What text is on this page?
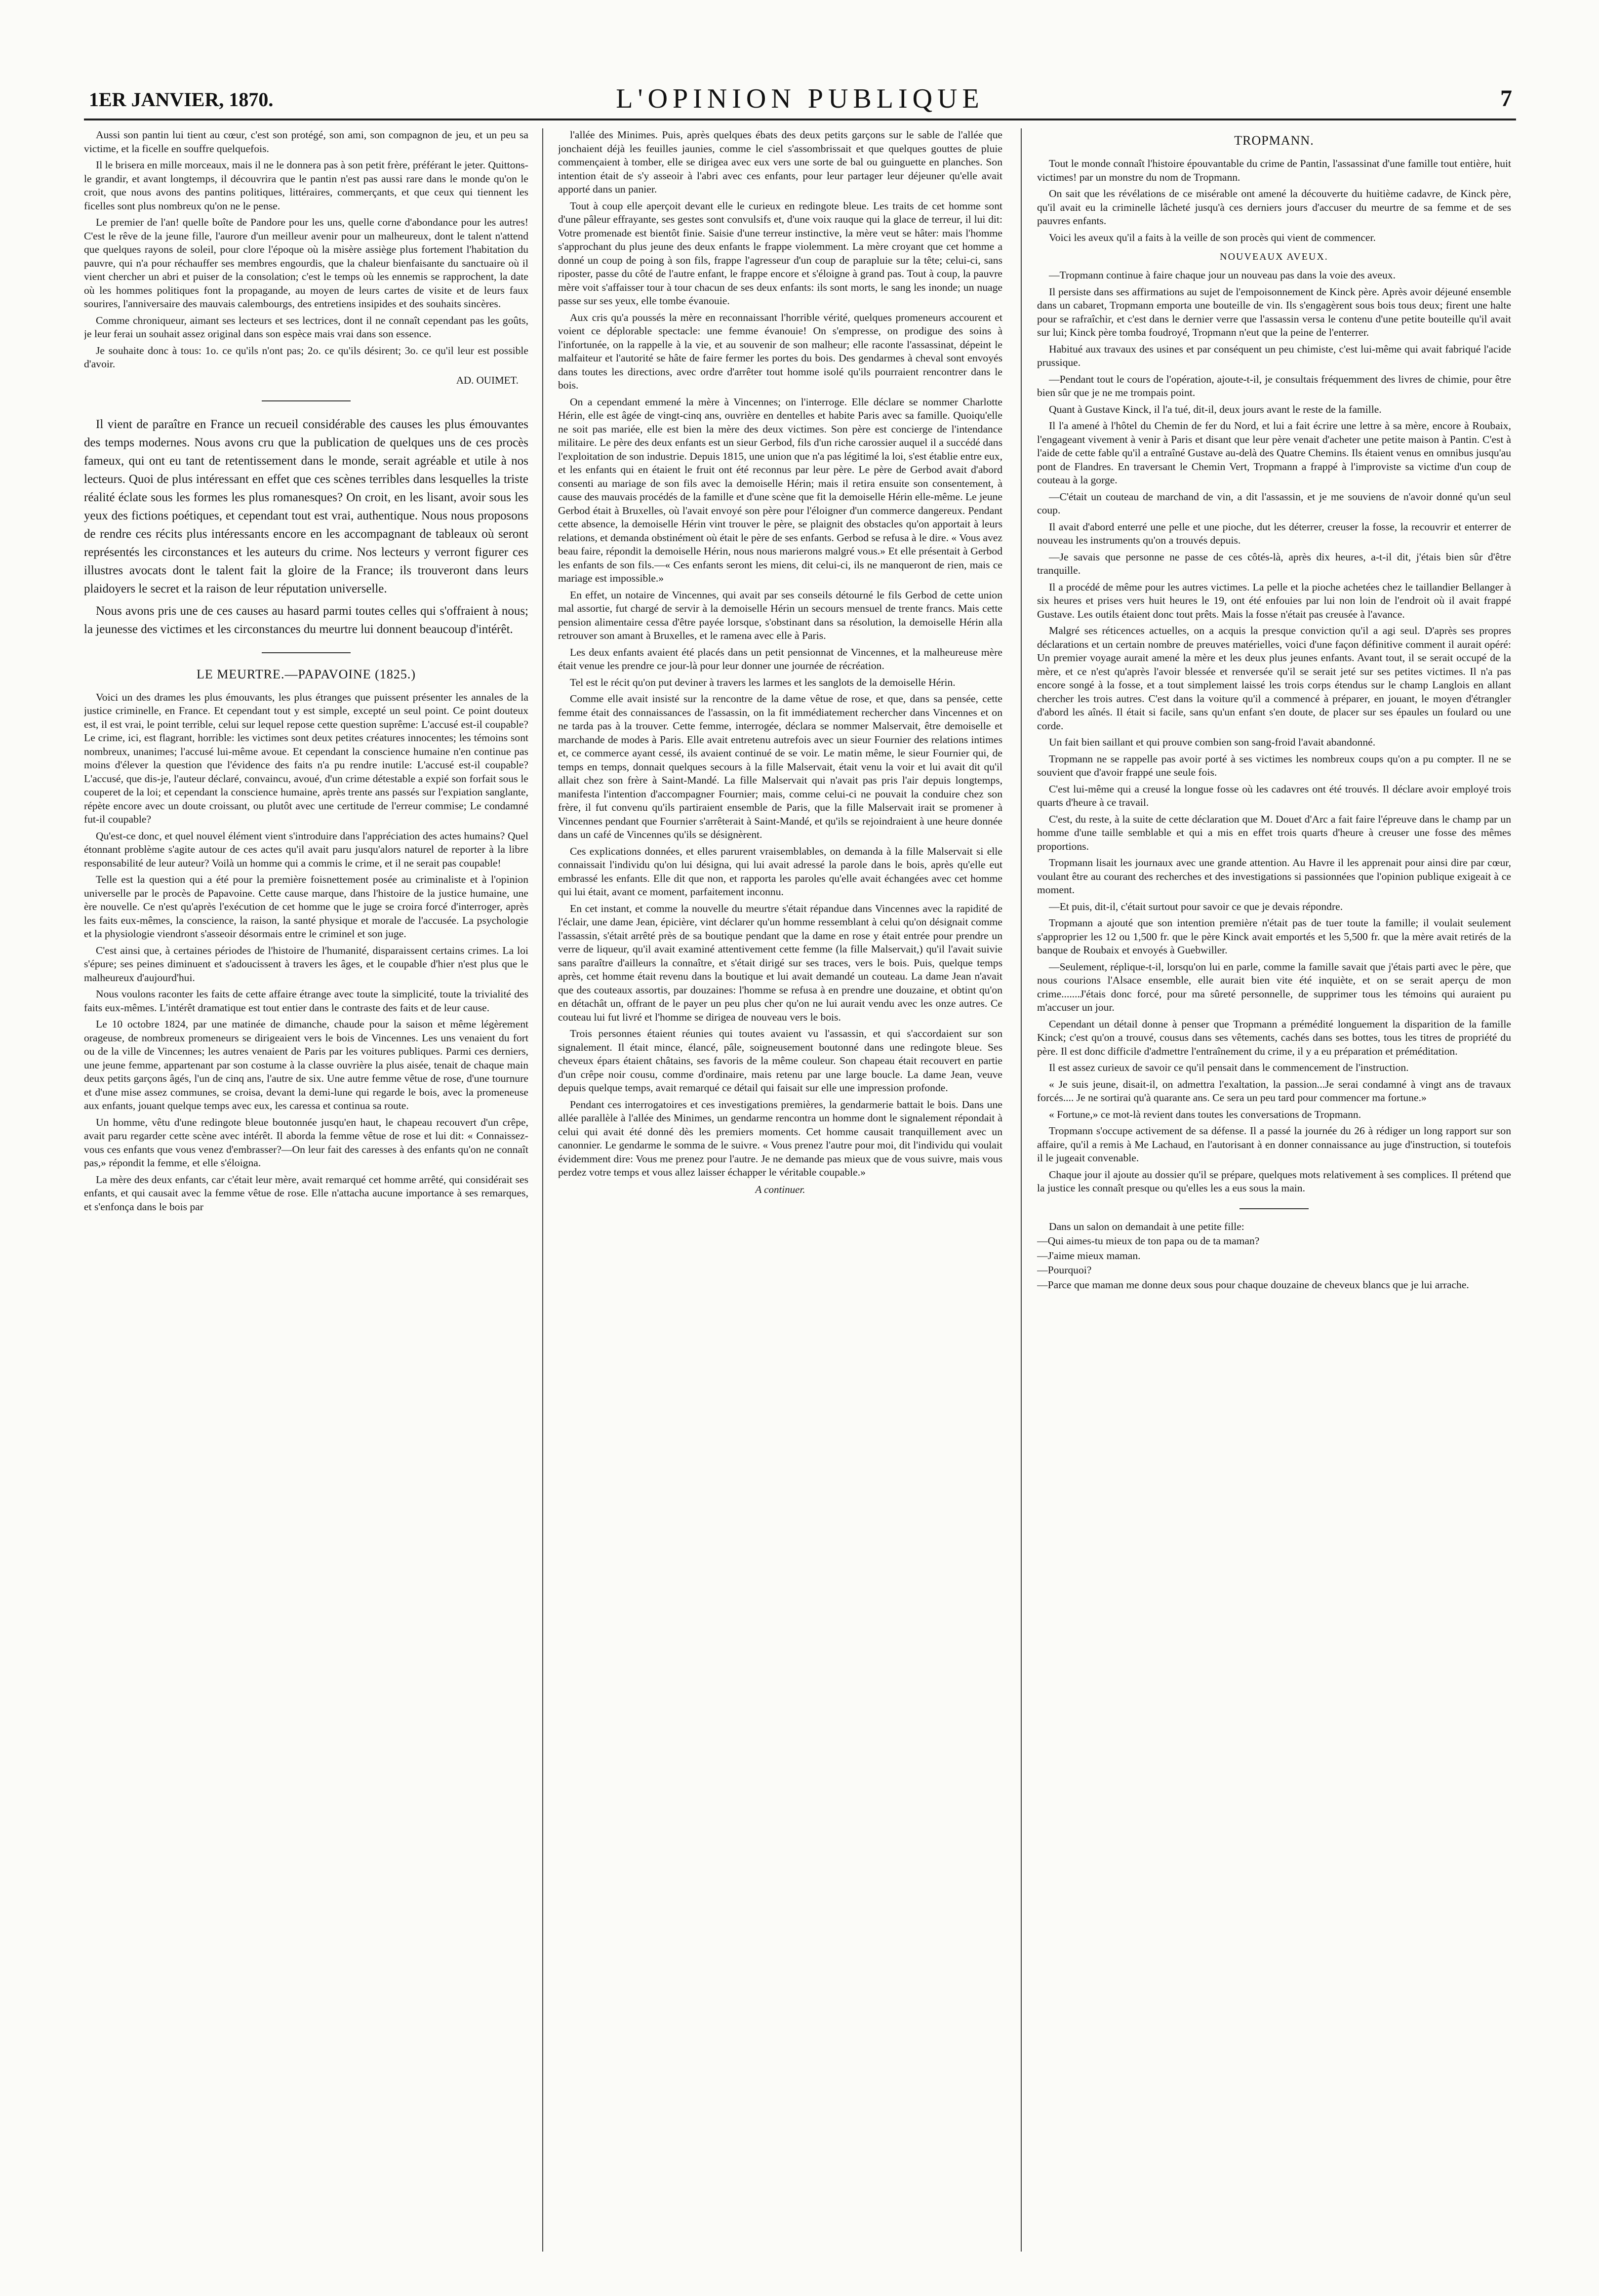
1ER JANVIER, 1870.	L'OPINION PUBLIQUE	7

Aussi son pantin lui tient au cœur, c'est son protégé, son ami, son compagnon de jeu, et un peu sa victime, et la ficelle en souffre quelquefois.

Il le brisera en mille morceaux, mais il ne le donnera pas à son petit frère, préférant le jeter. Quittons-le grandir, et avant longtemps, il découvrira que le pantin n'est pas aussi rare dans le monde qu'on le croit, que nous avons des pantins politiques, littéraires, commerçants, et que ceux qui tiennent les ficelles sont plus nombreux qu'on ne le pense.

Le premier de l'an! quelle boîte de Pandore pour les uns, quelle corne d'abondance pour les autres! C'est le rêve de la jeune fille, l'aurore d'un meilleur avenir pour un malheureux, dont le talent n'attend que quelques rayons de soleil, pour clore l'époque où la misère assiège plus fortement l'habitation du pauvre, qui n'a pour réchauffer ses membres engourdis, que la chaleur bienfaisante du sanctuaire où il vient chercher un abri et puiser de la consolation; c'est le temps où les ennemis se rapprochent, la date où les hommes politiques font la propagande, au moyen de leurs cartes de visite et de leurs faux sourires, l'anniversaire des mauvais calembourgs, des entretiens insipides et des souhaits sincères.

Comme chroniqueur, aimant ses lecteurs et ses lectrices, dont il ne connaît cependant pas les goûts, je leur ferai un souhait assez original dans son espèce mais vrai dans son essence.

Je souhaite donc à tous: 1o. ce qu'ils n'ont pas; 2o. ce qu'ils désirent; 3o. ce qu'il leur est possible d'avoir.

AD. OUIMET.

Il vient de paraître en France un recueil considérable des causes les plus émouvantes des temps modernes. Nous avons cru que la publication de quelques uns de ces procès fameux, qui ont eu tant de retentissement dans le monde, serait agréable et utile à nos lecteurs. Quoi de plus intéressant en effet que ces scènes terribles dans lesquelles la triste réalité éclate sous les formes les plus romanesques? On croit, en les lisant, avoir sous les yeux des fictions poétiques, et cependant tout est vrai, authentique. Nous nous proposons de rendre ces récits plus intéressants encore en les accompagnant de tableaux où seront représentés les circonstances et les auteurs du crime. Nos lecteurs y verront figurer ces illustres avocats dont le talent fait la gloire de la France; ils trouveront dans leurs plaidoyers le secret et la raison de leur réputation universelle.

Nous avons pris une de ces causes au hasard parmi toutes celles qui s'offraient à nous; la jeunesse des victimes et les circonstances du meurtre lui donnent beaucoup d'intérêt.

LE MEURTRE.—PAPAVOINE (1825.)

Voici un des drames les plus émouvants, les plus étranges que puissent présenter les annales de la justice criminelle, en France. Et cependant tout y est simple, excepté un seul point. Ce point douteux est, il est vrai, le point terrible, celui sur lequel repose cette question suprême: L'accusé est-il coupable? Le crime, ici, est flagrant, horrible: les victimes sont deux petites créatures innocentes; les témoins sont nombreux, unanimes; l'accusé lui-même avoue. Et cependant la conscience humaine n'en continue pas moins d'élever la question que l'évidence des faits n'a pu rendre inutile: L'accusé est-il coupable? L'accusé, que dis-je, l'auteur déclaré, convaincu, avoué, d'un crime détestable a expié son forfait sous le couperet de la loi; et cependant la conscience humaine, après trente ans passés sur l'expiation sanglante, répète encore avec un doute croissant, ou plutôt avec une certitude de l'erreur commise; Le condamné fut-il coupable?

Qu'est-ce donc, et quel nouvel élément vient s'introduire dans l'appréciation des actes humains? Quel étonnant problème s'agite autour de ces actes qu'il avait paru jusqu'alors naturel de reporter à la libre responsabilité de leur auteur? Voilà un homme qui a commis le crime, et il ne serait pas coupable!

Telle est la question qui a été pour la première foisnettement posée au criminaliste et à l'opinion universelle par le procès de Papavoine. Cette cause marque, dans l'histoire de la justice humaine, une ère nouvelle. Ce n'est qu'après l'exécution de cet homme que le juge se croira forcé d'interroger, après les faits eux-mêmes, la conscience, la raison, la santé physique et morale de l'accusée. La psychologie et la physiologie viendront s'asseoir désormais entre le criminel et son juge.

C'est ainsi que, à certaines périodes de l'histoire de l'humanité, disparaissent certains crimes. La loi s'épure; ses peines diminuent et s'adoucissent à travers les âges, et le coupable d'hier n'est plus que le malheureux d'aujourd'hui.

Nous voulons raconter les faits de cette affaire étrange avec toute la simplicité, toute la trivialité des faits eux-mêmes. L'intérêt dramatique est tout entier dans le contraste des faits et de leur cause.

Le 10 octobre 1824, par une matinée de dimanche, chaude pour la saison et même légèrement orageuse, de nombreux promeneurs se dirigeaient vers le bois de Vincennes. Les uns venaient du fort ou de la ville de Vincennes; les autres venaient de Paris par les voitures publiques. Parmi ces derniers, une jeune femme, appartenant par son costume à la classe ouvrière la plus aisée, tenait de chaque main deux petits garçons âgés, l'un de cinq ans, l'autre de six. Une autre femme vêtue de rose, d'une tournure et d'une mise assez communes, se croisa, devant la demi-lune qui regarde le bois, avec la promeneuse aux enfants, jouant quelque temps avec eux, les caressa et continua sa route.

Un homme, vêtu d'une redingote bleue boutonnée jusqu'en haut, le chapeau recouvert d'un crêpe, avait paru regarder cette scène avec intérêt. Il aborda la femme vêtue de rose et lui dit: « Connaissez-vous ces enfants que vous venez d'embrasser?—On leur fait des caresses à des enfants qu'on ne connaît pas,» répondit la femme, et elle s'éloigna.

La mère des deux enfants, car c'était leur mère, avait remarqué cet homme arrêté, qui considérait ses enfants, et qui causait avec la femme vêtue de rose. Elle n'attacha aucune importance à ses remarques, et s'enfonça dans le bois par

l'allée des Minimes. Puis, après quelques ébats des deux petits garçons sur le sable de l'allée que jonchaient déjà les feuilles jaunies, comme le ciel s'assombrissait et que quelques gouttes de pluie commençaient à tomber, elle se dirigea avec eux vers une sorte de bal ou guinguette en planches. Son intention était de s'y asseoir à l'abri avec ces enfants, pour leur partager leur déjeuner qu'elle avait apporté dans un panier.

Tout à coup elle aperçoit devant elle le curieux en redingote bleue. Les traits de cet homme sont d'une pâleur effrayante, ses gestes sont convulsifs et, d'une voix rauque qui la glace de terreur, il lui dit: Votre promenade est bientôt finie. Saisie d'une terreur instinctive, la mère veut se hâter: mais l'homme s'approchant du plus jeune des deux enfants le frappe violemment. La mère croyant que cet homme a donné un coup de poing à son fils, frappe l'agresseur d'un coup de parapluie sur la tête; celui-ci, sans riposter, passe du côté de l'autre enfant, le frappe encore et s'éloigne à grand pas. Tout à coup, la pauvre mère voit s'affaisser tour à tour chacun de ses deux enfants: ils sont morts, le sang les inonde; un nuage passe sur ses yeux, elle tombe évanouie.

Aux cris qu'a poussés la mère en reconnaissant l'horrible vérité, quelques promeneurs accourent et voient ce déplorable spectacle: une femme évanouie! On s'empresse, on prodigue des soins à l'infortunée, on la rappelle à la vie, et au souvenir de son malheur; elle raconte l'assassinat, dépeint le malfaiteur et l'autorité se hâte de faire fermer les portes du bois. Des gendarmes à cheval sont envoyés dans toutes les directions, avec ordre d'arrêter tout homme isolé qu'ils pourraient rencontrer dans le bois.

On a cependant emmené la mère à Vincennes; on l'interroge. Elle déclare se nommer Charlotte Hérin, elle est âgée de vingt-cinq ans, ouvrière en dentelles et habite Paris avec sa famille. Quoiqu'elle ne soit pas mariée, elle est bien la mère des deux victimes. Son père est concierge de l'intendance militaire. Le père des deux enfants est un sieur Gerbod, fils d'un riche carossier auquel il a succédé dans l'exploitation de son industrie. Depuis 1815, une union que n'a pas légitimé la loi, s'est établie entre eux, et les enfants qui en étaient le fruit ont été reconnus par leur père. Le père de Gerbod avait d'abord consenti au mariage de son fils avec la demoiselle Hérin; mais il retira ensuite son consentement, à cause des mauvais procédés de la famille et d'une scène que fit la demoiselle Hérin elle-même. Le jeune Gerbod était à Bruxelles, où l'avait envoyé son père pour l'éloigner d'un commerce dangereux. Pendant cette absence, la demoiselle Hérin vint trouver le père, se plaignit des obstacles qu'on apportait à leurs relations, et demanda obstinément où était le père de ses enfants. Gerbod se refusa à le dire. « Vous avez beau faire, répondit la demoiselle Hérin, nous nous marierons malgré vous.» Et elle présentait à Gerbod les enfants de son fils.—« Ces enfants seront les miens, dit celui-ci, ils ne manqueront de rien, mais ce mariage est impossible.»

En effet, un notaire de Vincennes, qui avait par ses conseils détourné le fils Gerbod de cette union mal assortie, fut chargé de servir à la demoiselle Hérin un secours mensuel de trente francs. Mais cette pension alimentaire cessa d'être payée lorsque, s'obstinant dans sa résolution, la demoiselle Hérin alla retrouver son amant à Bruxelles, et le ramena avec elle à Paris.

Les deux enfants avaient été placés dans un petit pensionnat de Vincennes, et la malheureuse mère était venue les prendre ce jour-là pour leur donner une journée de récréation.

Tel est le récit qu'on put deviner à travers les larmes et les sanglots de la demoiselle Hérin.

Comme elle avait insisté sur la rencontre de la dame vêtue de rose, et que, dans sa pensée, cette femme était des connaissances de l'assassin, on la fit immédiatement rechercher dans Vincennes et on ne tarda pas à la trouver. Cette femme, interrogée, déclara se nommer Malservait, être demoiselle et marchande de modes à Paris. Elle avait entretenu autrefois avec un sieur Fournier des relations intimes et, ce commerce ayant cessé, ils avaient continué de se voir. Le matin même, le sieur Fournier qui, de temps en temps, donnait quelques secours à la fille Malservait, était venu la voir et lui avait dit qu'il allait chez son frère à Saint-Mandé. La fille Malservait qui n'avait pas pris l'air depuis longtemps, manifesta l'intention d'accompagner Fournier; mais, comme celui-ci ne pouvait la conduire chez son frère, il fut convenu qu'ils partiraient ensemble de Paris, que la fille Malservait irait se promener à Vincennes pendant que Fournier s'arrêterait à Saint-Mandé, et qu'ils se rejoindraient à une heure donnée dans un café de Vincennes qu'ils se désignèrent.

Ces explications données, et elles parurent vraisemblables, on demanda à la fille Malservait si elle connaissait l'individu qu'on lui désigna, qui lui avait adressé la parole dans le bois, après qu'elle eut embrassé les enfants. Elle dit que non, et rapporta les paroles qu'elle avait échangées avec cet homme qui lui était, avant ce moment, parfaitement inconnu.

En cet instant, et comme la nouvelle du meurtre s'était répandue dans Vincennes avec la rapidité de l'éclair, une dame Jean, épicière, vint déclarer qu'un homme ressemblant à celui qu'on désignait comme l'assassin, s'était arrêté près de sa boutique pendant que la dame en rose y était entrée pour prendre un verre de liqueur, qu'il avait examiné attentivement cette femme (la fille Malservait,) qu'il l'avait suivie sans paraître d'ailleurs la connaître, et s'était dirigé sur ses traces, vers le bois. Puis, quelque temps après, cet homme était revenu dans la boutique et lui avait demandé un couteau. La dame Jean n'avait que des couteaux assortis, par douzaines: l'homme se refusa à en prendre une douzaine, et obtint qu'on en détachât un, offrant de le payer un peu plus cher qu'on ne lui aurait vendu avec les onze autres. Ce couteau lui fut livré et l'homme se dirigea de nouveau vers le bois.

Trois personnes étaient réunies qui toutes avaient vu l'assassin, et qui s'accordaient sur son signalement. Il était mince, élancé, pâle, soigneusement boutonné dans une redingote bleue. Ses cheveux épars étaient châtains, ses favoris de la même couleur. Son chapeau était recouvert en partie d'un crêpe noir cousu, comme d'ordinaire, mais retenu par une large boucle. La dame Jean, veuve depuis quelque temps, avait remarqué ce détail qui faisait sur elle une impression profonde.

Pendant ces interrogatoires et ces investigations premières, la gendarmerie battait le bois. Dans une allée parallèle à l'allée des Minimes, un gendarme rencontra un homme dont le signalement répondait à celui qui avait été donné dès les premiers moments. Cet homme causait tranquillement avec un canonnier. Le gendarme le somma de le suivre. « Vous prenez l'autre pour moi, dit l'individu qui voulait évidemment dire: Vous me prenez pour l'autre. Je ne demande pas mieux que de vous suivre, mais vous perdez votre temps et vous allez laisser échapper le véritable coupable.»

A continuer.
TROPMANN.

Tout le monde connaît l'histoire épouvantable du crime de Pantin, l'assassinat d'une famille tout entière, huit victimes! par un monstre du nom de Tropmann.

On sait que les révélations de ce misérable ont amené la découverte du huitième cadavre, de Kinck père, qu'il avait eu la criminelle lâcheté jusqu'à ces derniers jours d'accuser du meurtre de sa femme et de ses pauvres enfants.

Voici les aveux qu'il a faits à la veille de son procès qui vient de commencer.

NOUVEAUX AVEUX.

—Tropmann continue à faire chaque jour un nouveau pas dans la voie des aveux.

Il persiste dans ses affirmations au sujet de l'empoisonnement de Kinck père. Après avoir déjeuné ensemble dans un cabaret, Tropmann emporta une bouteille de vin. Ils s'engagèrent sous bois tous deux; firent une halte pour se rafraîchir, et c'est dans le dernier verre que l'assassin versa le contenu d'une petite bouteille qu'il avait sur lui; Kinck père tomba foudroyé, Tropmann n'eut que la peine de l'enterrer.

Habitué aux travaux des usines et par conséquent un peu chimiste, c'est lui-même qui avait fabriqué l'acide prussique.

—Pendant tout le cours de l'opération, ajoute-t-il, je consultais fréquemment des livres de chimie, pour être bien sûr que je ne me trompais point.

Quant à Gustave Kinck, il l'a tué, dit-il, deux jours avant le reste de la famille.

Il l'a amené à l'hôtel du Chemin de fer du Nord, et lui a fait écrire une lettre à sa mère, encore à Roubaix, l'engageant vivement à venir à Paris et disant que leur père venait d'acheter une petite maison à Pantin. C'est à l'aide de cette fable qu'il a entraîné Gustave au-delà des Quatre Chemins. Ils étaient venus en omnibus jusqu'au pont de Flandres. En traversant le Chemin Vert, Tropmann a frappé à l'improviste sa victime d'un coup de couteau à la gorge.

—C'était un couteau de marchand de vin, a dit l'assassin, et je me souviens de n'avoir donné qu'un seul coup.

Il avait d'abord enterré une pelle et une pioche, dut les déterrer, creuser la fosse, la recouvrir et enterrer de nouveau les instruments qu'on a trouvés depuis.

—Je savais que personne ne passe de ces côtés-là, après dix heures, a-t-il dit, j'étais bien sûr d'être tranquille.

Il a procédé de même pour les autres victimes. La pelle et la pioche achetées chez le taillandier Bellanger à six heures et prises vers huit heures le 19, ont été enfouies par lui non loin de l'endroit où il avait frappé Gustave. Les outils étaient donc tout prêts. Mais la fosse n'était pas creusée à l'avance.

Malgré ses réticences actuelles, on a acquis la presque conviction qu'il a agi seul. D'après ses propres déclarations et un certain nombre de preuves matérielles, voici d'une façon définitive comment il aurait opéré: Un premier voyage aurait amené la mère et les deux plus jeunes enfants. Avant tout, il se serait occupé de la mère, et ce n'est qu'après l'avoir blessée et renversée qu'il se serait jeté sur ses petites victimes. Il n'a pas encore songé à la fosse, et a tout simplement laissé les trois corps étendus sur le champ Langlois en allant chercher les trois autres. C'est dans la voiture qu'il a commencé à préparer, en jouant, le moyen d'étrangler d'abord les aînés. Il était si facile, sans qu'un enfant s'en doute, de placer sur ses épaules un foulard ou une corde.

Un fait bien saillant et qui prouve combien son sang-froid l'avait abandonné.

Tropmann ne se rappelle pas avoir porté à ses victimes les nombreux coups qu'on a pu compter. Il ne se souvient que d'avoir frappé une seule fois.

C'est lui-même qui a creusé la longue fosse où les cadavres ont été trouvés. Il déclare avoir employé trois quarts d'heure à ce travail.

C'est, du reste, à la suite de cette déclaration que M. Douet d'Arc a fait faire l'épreuve dans le champ par un homme d'une taille semblable et qui a mis en effet trois quarts d'heure à creuser une fosse des mêmes proportions.

Tropmann lisait les journaux avec une grande attention. Au Havre il les apprenait pour ainsi dire par cœur, voulant être au courant des recherches et des investigations si passionnées que l'opinion publique exigeait à ce moment.

—Et puis, dit-il, c'était surtout pour savoir ce que je devais répondre.

Tropmann a ajouté que son intention première n'était pas de tuer toute la famille; il voulait seulement s'approprier les 12 ou 1,500 fr. que le père Kinck avait emportés et les 5,500 fr. que la mère avait retirés de la banque de Roubaix et envoyés à Guebwiller.

—Seulement, réplique-t-il, lorsqu'on lui en parle, comme la famille savait que j'étais parti avec le père, que nous courions l'Alsace ensemble, elle aurait bien vite été inquiète, et on se serait aperçu de mon crime.......J'étais donc forcé, pour ma sûreté personnelle, de supprimer tous les témoins qui auraient pu m'accuser un jour.

Cependant un détail donne à penser que Tropmann a prémédité longuement la disparition de la famille Kinck; c'est qu'on a trouvé, cousus dans ses vêtements, cachés dans ses bottes, tous les titres de propriété du père. Il est donc difficile d'admettre l'entraînement du crime, il y a eu préparation et préméditation.

Il est assez curieux de savoir ce qu'il pensait dans le commencement de l'instruction.

« Je suis jeune, disait-il, on admettra l'exaltation, la passion...Je serai condamné à vingt ans de travaux forcés.... Je ne sortirai qu'à quarante ans. Ce sera un peu tard pour commencer ma fortune.»

« Fortune,» ce mot-là revient dans toutes les conversations de Tropmann.

Tropmann s'occupe activement de sa défense. Il a passé la journée du 26 à rédiger un long rapport sur son affaire, qu'il a remis à Me Lachaud, en l'autorisant à en donner connaissance au juge d'instruction, si toutefois il le jugeait convenable.

Chaque jour il ajoute au dossier qu'il se prépare, quelques mots relativement à ses complices. Il prétend que la justice les connaît presque ou qu'elles les a eus sous la main.

Dans un salon on demandait à une petite fille:

—Qui aimes-tu mieux de ton papa ou de ta maman?

—J'aime mieux maman.

—Pourquoi?

—Parce que maman me donne deux sous pour chaque douzaine de cheveux blancs que je lui arrache.
